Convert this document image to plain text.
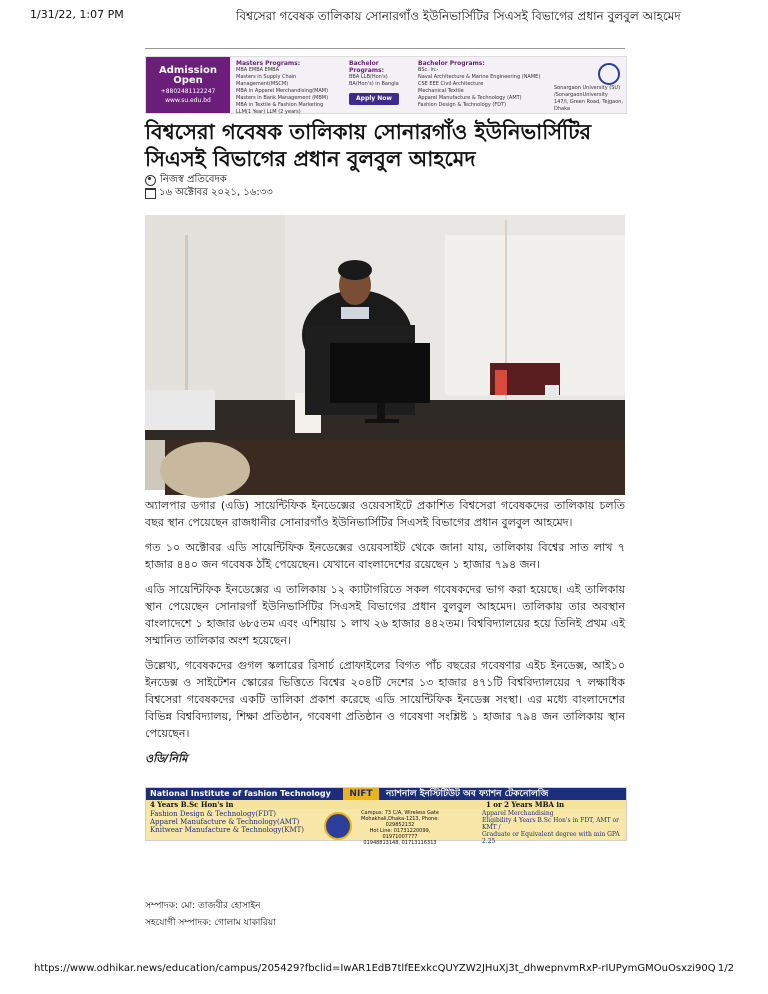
1/31/22, 1:07 PM	বিশ্বসেরা গবেষক তালিকায় সোনারগাঁও ইউনিভার্সিটির সিএসই বিভাগের প্রধান বুলবুল আহমেদ
Admission Open
+8802481122247
www.su.edu.bd
Masters Programs:
MBA EMBA EMBA
Masters in Supply Chain Management(MSCM)
MBA in Apparel Merchandising(MAM)
Masters in Bank Management (MBM)
MBA in Textile & Fashion Marketing
LLM(1 Year) LLM (2 years)
Bachelor Programs:
BBA LLB(Hon's)
BA(Hon's) in Bangla
Apply Now
Bachelor Programs:
BSc. in:-
Naval Architecture & Marine Engineering (NAME)
CSE EEE Civil Architecture
Mechanical Textile
Apparel Manufacture & Technology (AMT)
Fashion Design & Technology (FDT)
Sonargaon University (SU)
/SonargaonUniversity
147/I, Green Road, Tejgaon, Dhaka
বিশ্বসেরা গবেষক তালিকায় সোনারগাঁও ইউনিভার্সিটির সিএসই বিভাগের প্রধান বুলবুল আহমেদ
নিজস্ব প্রতিবেদক
১৬ অক্টোবর ২০২১, ১৬:৩৩

অ্যালপার ডগার (এডি) সায়েন্টিফিক ইনডেক্সের ওয়েবসাইটে প্রকাশিত বিশ্বসেরা গবেষকদের তালিকায় চলতি বছর স্থান পেয়েছেন রাজধানীর সোনারগাঁও ইউনিভার্সিটির সিএসই বিভাগের প্রধান বুলবুল আহমেদ।

গত ১০ অক্টোবর এডি সায়েন্টিফিক ইনডেক্সের ওয়েবসাইট থেকে জানা যায়, তালিকায় বিশ্বের সাত লাখ ৭ হাজার ৪৪০ জন গবেষক ঠাঁই পেয়েছেন। যেখানে বাংলাদেশের রয়েছেন ১ হাজার ৭৯৪ জন।

এডি সায়েন্টিফিক ইনডেক্সের এ তালিকায় ১২ ক্যাটাগরিতে সকল গবেষকদের ভাগ করা হয়েছে। এই তালিকায় স্থান পেয়েছেন সোনারগাঁ ইউনিভার্সিটির সিএসই বিভাগের প্রধান বুলবুল আহমেদ। তালিকায় তার অবস্থান বাংলাদেশে ১ হাজার ৬৮৫তম এবং এশিয়ায় ১ লাখ ২৬ হাজার ৪৪২তম। বিশ্ববিদ্যালয়ের হয়ে তিনিই প্রথম এই সম্মানিত তালিকার অংশ হয়েছেন।

উল্লেখ্য, গবেষকদের গুগল স্কলারের রিসার্চ প্রোফাইলের বিগত পাঁচ বছরের গবেষণার এইচ ইনডেক্স, আই১০ ইনডেক্স ও সাইটেশন স্কোরের ভিত্তিতে বিশ্বের ২০৪টি দেশের ১৩ হাজার ৪৭১টি বিশ্ববিদ্যালয়ের ৭ লক্ষাধিক বিশ্বসেরা গবেষকদের একটি তালিকা প্রকাশ করেছে এডি সায়েন্টিফিক ইনডেক্স সংস্থা। এর মধ্যে বাংলাদেশের বিভিন্ন বিশ্ববিদ্যালয়, শিক্ষা প্রতিষ্ঠান, গবেষণা প্রতিষ্ঠান ও গবেষণা সংশ্লিষ্ট ১ হাজার ৭৯৪ জন তালিকায় স্থান পেয়েছেন।

ওডি/নিমি
National Institute of fashion Technology	NIFT	ন্যাশনাল ইনস্টিটিউট অব ফ্যাশন টেকনোলজি
4 Years B.Sc Hon's in	1 or 2 Years MBA in
Fashion Design & Technology(FDT)
Apparel Manufacture & Technology(AMT)
Knitwear Manufacture & Technology(KMT)
Campus: 73 C/A, Wireless Gate
Mohakhali,Dhaka-1213, Phone: 029852132
Hot Line: 01731220099, 01971007777
01948813148, 01713116313
Apparel Merchandising
Eligibility 4 Years B.Sc Hon's in FDT, AMT or KMT /
Graduate or Equivalent degree with min GPA 2.25
সম্পাদক: মো: তাজবীর হোসাইন
সহযোগী সম্পাদক: গোলাম যাকারিয়া
https://www.odhikar.news/education/campus/205429?fbclid=IwAR1EdB7tlfEExkcQUYZW2JHuXj3t_dhwepnvmRxP-rIUPymGMOuOsxzi90Q 1/2
